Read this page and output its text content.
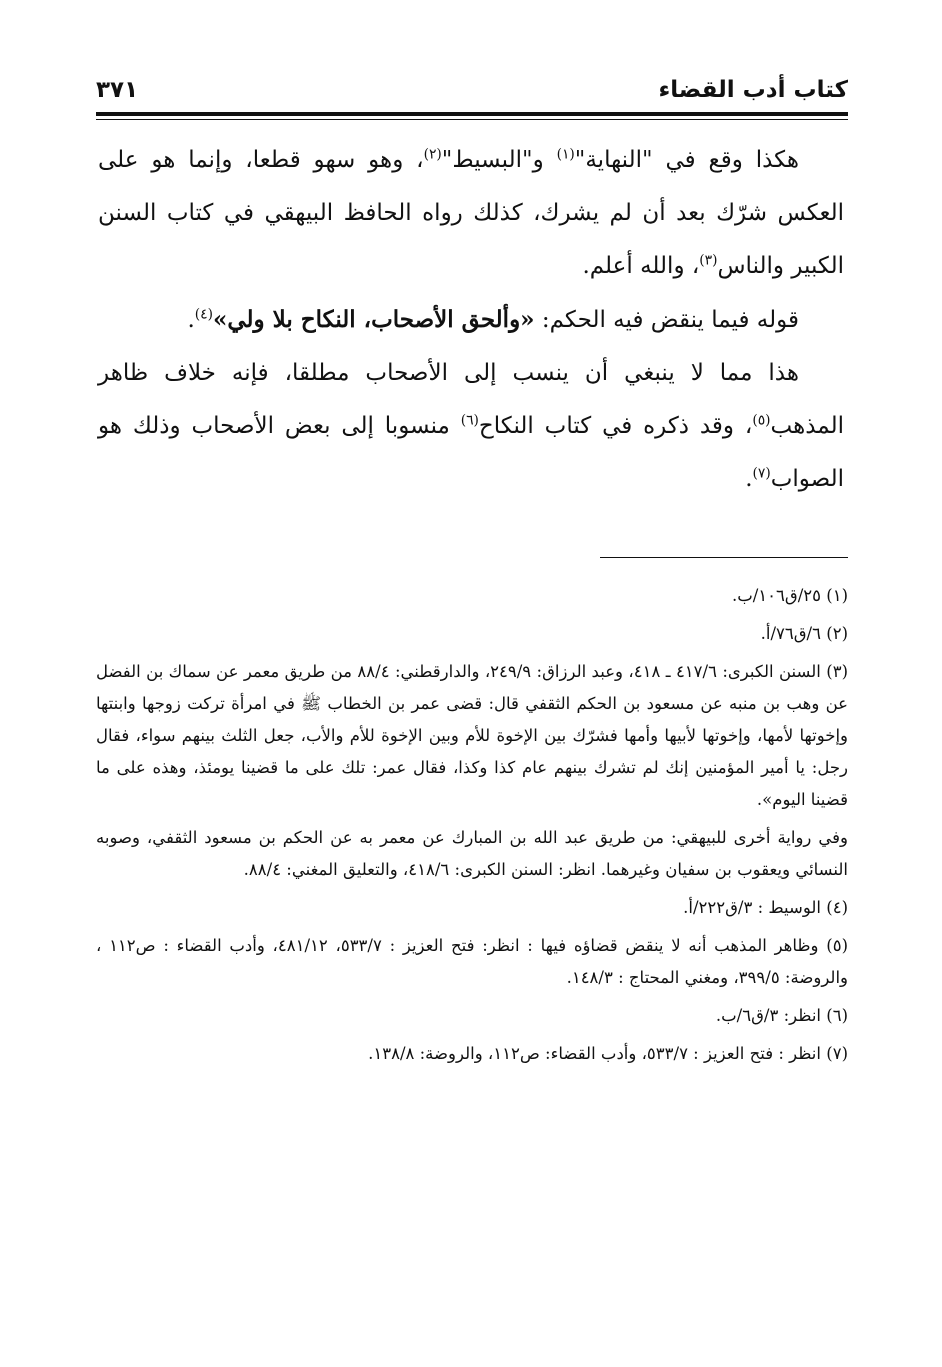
كتاب أدب القضاء
٣٧١

هكذا وقع في "النهاية"$^{(١)}$ و"البسيط"$^{(٢)}$، وهو سهو قطعا، وإنما هو على العكس شرّك بعد أن لم يشرك، كذلك رواه الحافظ البيهقي في كتاب السنن الكبير والناس$^{(٣)}$، والله أعلم.

قوله فيما ينقض فيه الحكم: «وألحق الأصحاب، النكاح بلا ولي»$^{(٤)}$.

هذا مما لا ينبغي أن ينسب إلى الأصحاب مطلقا، فإنه خلاف ظاهر المذهب$^{(٥)}$، وقد ذكره في كتاب النكاح$^{(٦)}$ منسوبا إلى بعض الأصحاب وذلك هو الصواب$^{(٧)}$.

(١) ٢٥/ق١٠٦/ب.

(٢) ٦/ق٧٦/أ.

(٣) السنن الكبرى: ٤١٧/٦ ـ ٤١٨، وعبد الرزاق: ٢٤٩/٩، والدارقطني: ٨٨/٤ من طريق معمر عن سماك بن الفضل عن وهب بن منبه عن مسعود بن الحكم الثقفي قال: قضى عمر بن الخطاب ﷺ في امرأة تركت زوجها وابنتها وإخوتها لأمها، وإخوتها لأبيها وأمها فشرّك بين الإخوة للأم وبين الإخوة للأم والأب، جعل الثلث بينهم سواء، فقال رجل: يا أمير المؤمنين إنك لم تشرك بينهم عام كذا وكذا، فقال عمر: تلك على ما قضينا يومئذ، وهذه على ما قضينا اليوم».

وفي رواية أخرى للبيهقي: من طريق عبد الله بن المبارك عن معمر به عن الحكم بن مسعود الثقفي، وصوبه النسائي ويعقوب بن سفيان وغيرهما. انظر: السنن الكبرى: ٤١٨/٦، والتعليق المغني: ٨٨/٤.

(٤) الوسيط : ٣/ق٢٢٢/أ.

(٥) وظاهر المذهب أنه لا ينقض قضاؤه فيها : انظر: فتح العزيز : ٥٣٣/٧، ٤٨١/١٢، وأدب القضاء : ص١١٢ ، والروضة: ٣٩٩/٥، ومغني المحتاج : ١٤٨/٣.

(٦) انظر: ٣/ق٦/ب.

(٧) انظر : فتح العزيز : ٥٣٣/٧، وأدب القضاء: ص١١٢، والروضة: ١٣٨/٨.
